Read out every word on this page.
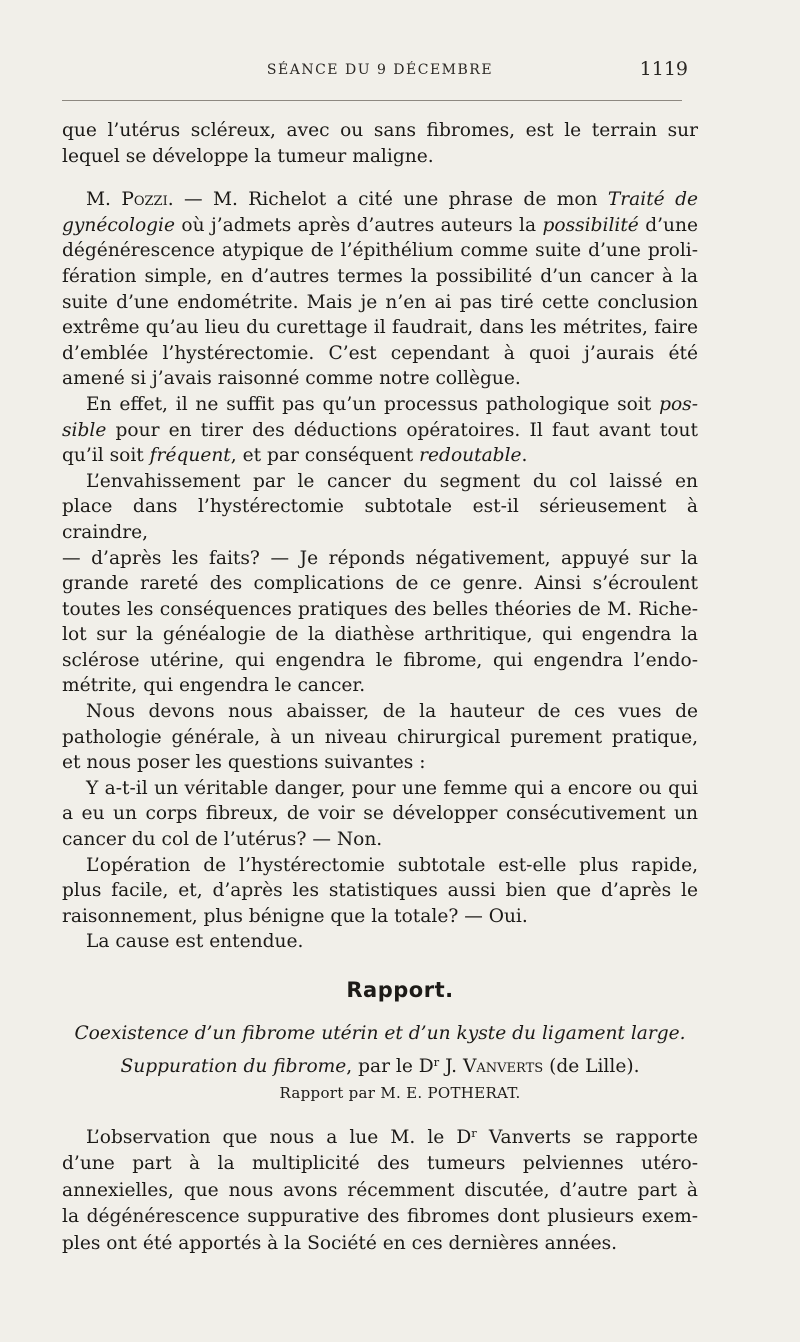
SÉANCE DU 9 DÉCEMBRE	1119

que l’utérus scléreux, avec ou sans fibromes, est le terrain sur
lequel se développe la tumeur maligne.

M. Pozzi. — M. Richelot a cité une phrase de mon Traité de
gynécologie où j’admets après d’autres auteurs la possibilité d’une
dégénérescence atypique de l’épithélium comme suite d’une proli-
fération simple, en d’autres termes la possibilité d’un cancer à la
suite d’une endométrite. Mais je n’en ai pas tiré cette conclusion
extrême qu’au lieu du curettage il faudrait, dans les métrites, faire
d’emblée l’hystérectomie. C’est cependant à quoi j’aurais été
amené si j’avais raisonné comme notre collègue.

En effet, il ne suffit pas qu’un processus pathologique soit pos-
sible pour en tirer des déductions opératoires. Il faut avant tout
qu’il soit fréquent, et par conséquent redoutable.

L’envahissement par le cancer du segment du col laissé en
place dans l’hystérectomie subtotale est-il sérieusement à craindre,
— d’après les faits? — Je réponds négativement, appuyé sur la
grande rareté des complications de ce genre. Ainsi s’écroulent
toutes les conséquences pratiques des belles théories de M. Riche-
lot sur la généalogie de la diathèse arthritique, qui engendra la
sclérose utérine, qui engendra le fibrome, qui engendra l’endo-
métrite, qui engendra le cancer.

Nous devons nous abaisser, de la hauteur de ces vues de
pathologie générale, à un niveau chirurgical purement pratique,
et nous poser les questions suivantes :

Y a-t-il un véritable danger, pour une femme qui a encore ou qui
a eu un corps fibreux, de voir se développer consécutivement un
cancer du col de l’utérus? — Non.

L’opération de l’hystérectomie subtotale est-elle plus rapide,
plus facile, et, d’après les statistiques aussi bien que d’après le
raisonnement, plus bénigne que la totale? — Oui.

La cause est entendue.

Rapport.
Coexistence d’un fibrome utérin et d’un kyste du ligament large.
Suppuration du fibrome, par le $D^r$ J. Vanverts (de Lille).
Rapport par M. E. POTHERAT.
L’observation que nous a lue M. le $D^r$ Vanverts se rapporte
d’une part à la multiplicité des tumeurs pelviennes utéro-
annexielles, que nous avons récemment discutée, d’autre part à
la dégénérescence suppurative des fibromes dont plusieurs exem-
ples ont été apportés à la Société en ces dernières années.
